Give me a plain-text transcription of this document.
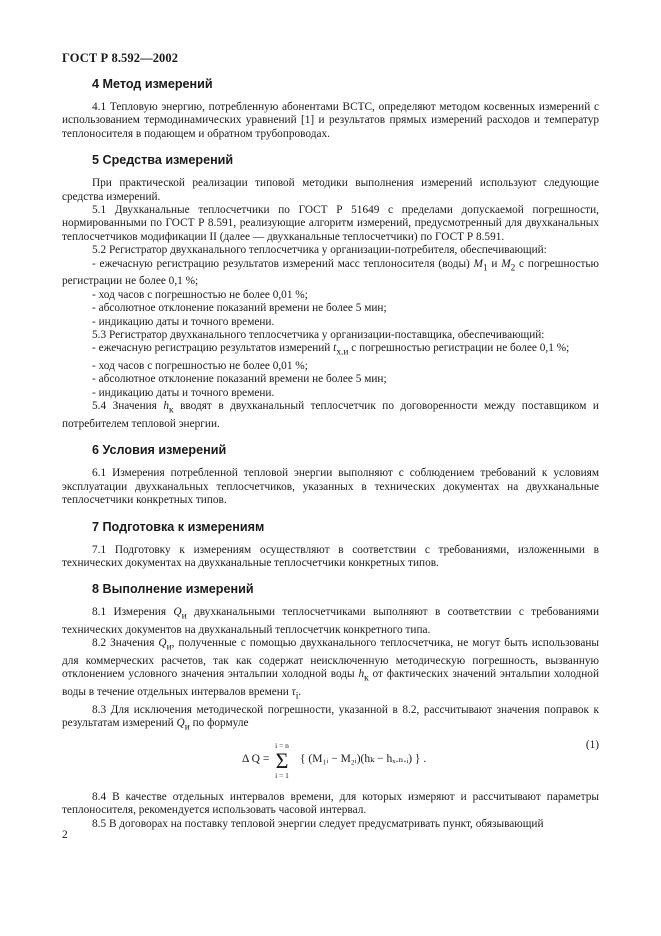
ГОСТ Р 8.592—2002
4 Метод измерений

4.1 Тепловую энергию, потребленную абонентами ВСТС, определяют методом косвенных измерений с использованием термодинамических уравнений [1] и результатов прямых измерений расходов и температур теплоносителя в подающем и обратном трубопроводах.

5 Средства измерений

При практической реализации типовой методики выполнения измерений используют следующие средства измерений.

5.1 Двухканальные теплосчетчики по ГОСТ Р 51649 с пределами допускаемой погрешности, нормированными по ГОСТ Р 8.591, реализующие алгоритм измерений, предусмотренный для двухканальных теплосчетчиков модификации II (далее — двухканальные теплосчетчики) по ГОСТ Р 8.591.

5.2 Регистратор двухканального теплосчетчика у организации-потребителя, обеспечивающий:

- ежечасную регистрацию результатов измерений масс теплоносителя (воды) $M_1$ и $M_2$ с погрешностью регистрации не более 0,1 %;

- ход часов с погрешностью не более 0,01 %;

- абсолютное отклонение показаний времени не более 5 мин;

- индикацию даты и точного времени.

5.3 Регистратор двухканального теплосчетчика у организации-поставщика, обеспечивающий:

- ежечасную регистрацию результатов измерений $t_{х.и}$ с погрешностью регистрации не более 0,1 %;

- ход часов с погрешностью не более 0,01 %;

- абсолютное отклонение показаний времени не более 5 мин;

- индикацию даты и точного времени.

5.4 Значения $h_к$ вводят в двухканальный теплосчетчик по договоренности между поставщиком и потребителем тепловой энергии.

6 Условия измерений

6.1 Измерения потребленной тепловой энергии выполняют с соблюдением требований к условиям эксплуатации двухканальных теплосчетчиков, указанных в технических документах на двухканальные теплосчетчики конкретных типов.

7 Подготовка к измерениям

7.1 Подготовку к измерениям осуществляют в соответствии с требованиями, изложенными в технических документах на двухканальные теплосчетчики конкретных типов.

8 Выполнение измерений

8.1 Измерения $Q_и$ двухканальными теплосчетчиками выполняют в соответствии с требованиями технических документов на двухканальный теплосчетчик конкретного типа.

8.2 Значения $Q_и$, полученные с помощью двухканального теплосчетчика, не могут быть использованы для коммерческих расчетов, так как содержат неисключенную методическую погрешность, вызванную отклонением условного значения энтальпии холодной воды $h_к$ от фактических значений энтальпии холодной воды в течение отдельных интервалов времени $\tau_i$.

8.3 Для исключения методической погрешности, указанной в 8.2, рассчитывают значения поправок к результатам измерений $Q_и$ по формуле

Δ Q =
i = n
Σ
i = 1
{ (M₁ᵢ − M₂ᵢ)(hₖ − hₓ.ₙ.ᵢ) } .
(1)

8.4 В качестве отдельных интервалов времени, для которых измеряют и рассчитывают параметры теплоносителя, рекомендуется использовать часовой интервал.

8.5 В договорах на поставку тепловой энергии следует предусматривать пункт, обязывающий

2
